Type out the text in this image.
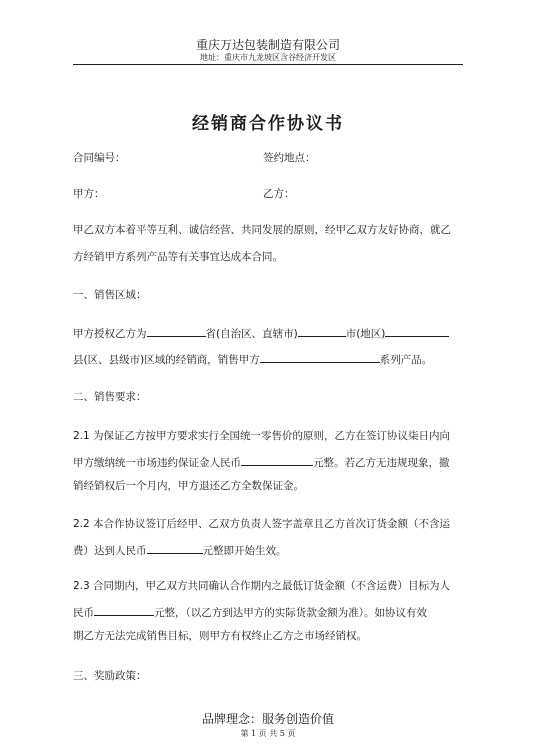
重庆万达包装制造有限公司
地址：重庆市九龙坡区含谷经济开发区
经销商合作协议书
合同编号：	签约地点：
甲方：	乙方：
甲乙双方本着平等互利、诚信经营、共同发展的原则，经甲乙双方友好协商，就乙
方经销甲方系列产品等有关事宜达成本合同。
一、销售区域：
甲方授权乙方为	省(自治区、直辖市)	市(地区)
县(区、县级市)区域的经销商，销售甲方	系列产品。
二、销售要求：
2.1 为保证乙方按甲方要求实行全国统一零售价的原则，乙方在签订协议柒日内向
甲方缴纳统一市场违约保证金人民币	元整。若乙方无违规现象，撤
销经销权后一个月内，甲方退还乙方全数保证金。
2.2 本合作协议签订后经甲、乙双方负责人签字盖章且乙方首次订货金额（不含运
费）达到人民币	元整即开始生效。
2.3 合同期内，甲乙双方共同确认合作期内之最低订货金额（不含运费）目标为人
民币	元整，（以乙方到达甲方的实际货款金额为准）。如协议有效
期乙方无法完成销售目标，则甲方有权终止乙方之市场经销权。
三、奖励政策：
品牌理念：服务创造价值
第 1 页 共 5 页
